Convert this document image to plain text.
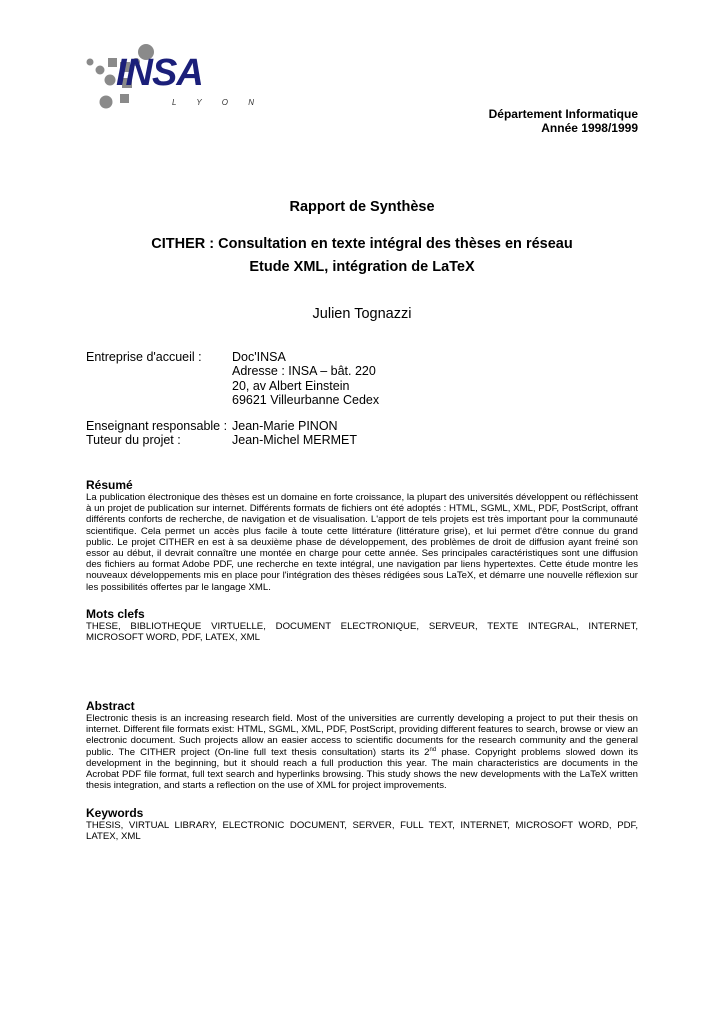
INSA
L Y O N
Département Informatique
Année 1998/1999
Rapport de Synthèse
CITHER : Consultation en texte intégral des thèses en réseau
Etude XML, intégration de LaTeX
Julien Tognazzi
Entreprise d'accueil : Doc'INSA
Adresse : INSA – bât. 220
20, av Albert Einstein
69621 Villeurbanne Cedex
Enseignant responsable : Jean-Marie PINON
Tuteur du projet :	Jean-Michel MERMET
Résumé

La publication électronique des thèses est un domaine en forte croissance, la plupart des universités développent ou réfléchissent à un projet de publication sur internet. Différents formats de fichiers ont été adoptés : HTML, SGML, XML, PDF, PostScript, offrant différents conforts de recherche, de navigation et de visualisation. L'apport de tels projets est très important pour la communauté scientifique. Cela permet un accès plus facile à toute cette littérature (littérature grise), et lui permet d'être connue du grand public. Le projet CITHER en est à sa deuxième phase de développement, des problèmes de droit de diffusion ayant freiné son essor au début, il devrait connaître une montée en charge pour cette année. Ses principales caractéristiques sont une diffusion des fichiers au format Adobe PDF, une recherche en texte intégral, une navigation par liens hypertextes. Cette étude montre les nouveaux développements mis en place pour l'intégration des thèses rédigées sous LaTeX, et démarre une nouvelle réflexion sur les possibilités offertes par le langage XML.

Mots clefs

THESE, BIBLIOTHEQUE VIRTUELLE, DOCUMENT ELECTRONIQUE, SERVEUR, TEXTE INTEGRAL, INTERNET, MICROSOFT WORD, PDF, LATEX, XML

Abstract

Electronic thesis is an increasing research field. Most of the universities are currently developing a project to put their thesis on internet. Different file formats exist: HTML, SGML, XML, PDF, PostScript, providing different features to search, browse or view an electronic document. Such projects allow an easier access to scientific documents for the research community and the general public. The CITHER project (On-line full text thesis consultation) starts its 2nd phase. Copyright problems slowed down its development in the beginning, but it should reach a full production this year. The main characteristics are documents in the Acrobat PDF file format, full text search and hyperlinks browsing. This study shows the new developments with the LaTeX written thesis integration, and starts a reflection on the use of XML for project improvements.

Keywords

THESIS, VIRTUAL LIBRARY, ELECTRONIC DOCUMENT, SERVER, FULL TEXT, INTERNET, MICROSOFT WORD, PDF, LATEX, XML
